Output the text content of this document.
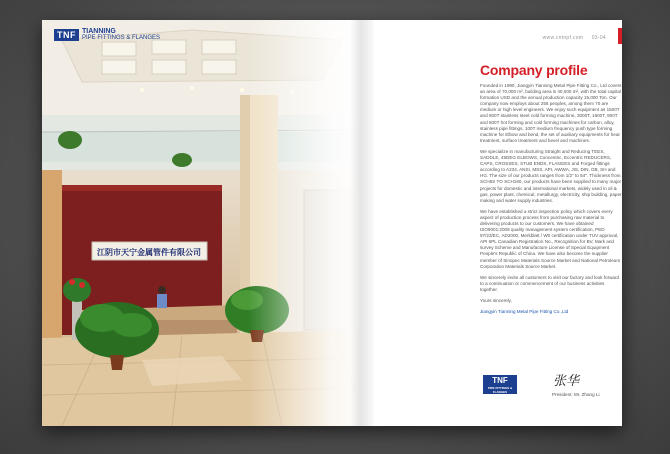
江阴市天宁金属管件有限公司
TNF TIANNING
PIPE FITTINGS & FLANGES	www.cntnpf.com 03-04
Company profile

Founded in 1990, Jiangyin Tianning Metal Pipe Fitting Co., Ltd covers an area of 70,000 m², building area is 40,000 m², with the total capital formation USD and the annual production capacity 15,000 Ton. Our company now employs about 256 peoples, among them 70 are medium or high level engineers. We enjoy such equipment as 1500T and 800T stainless steel cold forming machine, 3000T, 1600T, 800T and 500T hot forming and cold forming machines for carbon, alloy, stainless pipe fittings, 100T medium frequency push type forming machine for Elbow and bend, the set of auxiliary equipments for heat treatment, surface treatment and bevel and machines.

We specialize in manufacturing Straight and Reducing TEES, SADDLE, 45DEG ELBOWS, Concentric, Eccentric REDUCERS, CAPS, CROSSES, STUB ENDS, FLANGES and Forged fittings according to A234, ANSI, MSS, API, AWWA, JIS, DIN, GB, SH and HG. The size of our products ranges from 1/2" to 64". Thickness from SCH5S TO SCH160, our products have been supplied to many major projects for domestic and international markets, widely used in oil & gas, power plant, chemical, metallurgy, electricity, ship building, paper making and water supply industries.

We have established a strict inspection policy which covers every aspect of production process from purchasing raw material to delivering products to our customers. We have obtained ISO9001:2008 quality management system certification, PED 97/23/EC, AD2000, Merkblatt / W0 certification under TUV approval, API 6PL Canadian Registration No., Recognition for BV, Mark and survey Scheme and Manufacture License of Special Equipment People's Republic of China. We have also become the supplier member of Sinopec Materials Source Market and National Petroleum Corporation Materials Source Market.

We sincerely invite all customers to visit our factory and look forward to a continuation or commencement of our business activities together.

Yours sincerely,

Jiangyin Tianning Metal Pipe Fitting Co.,Ltd

TNF
PIPE FITTINGS & FLANGES
张华
President: Mr. Zhang Li
